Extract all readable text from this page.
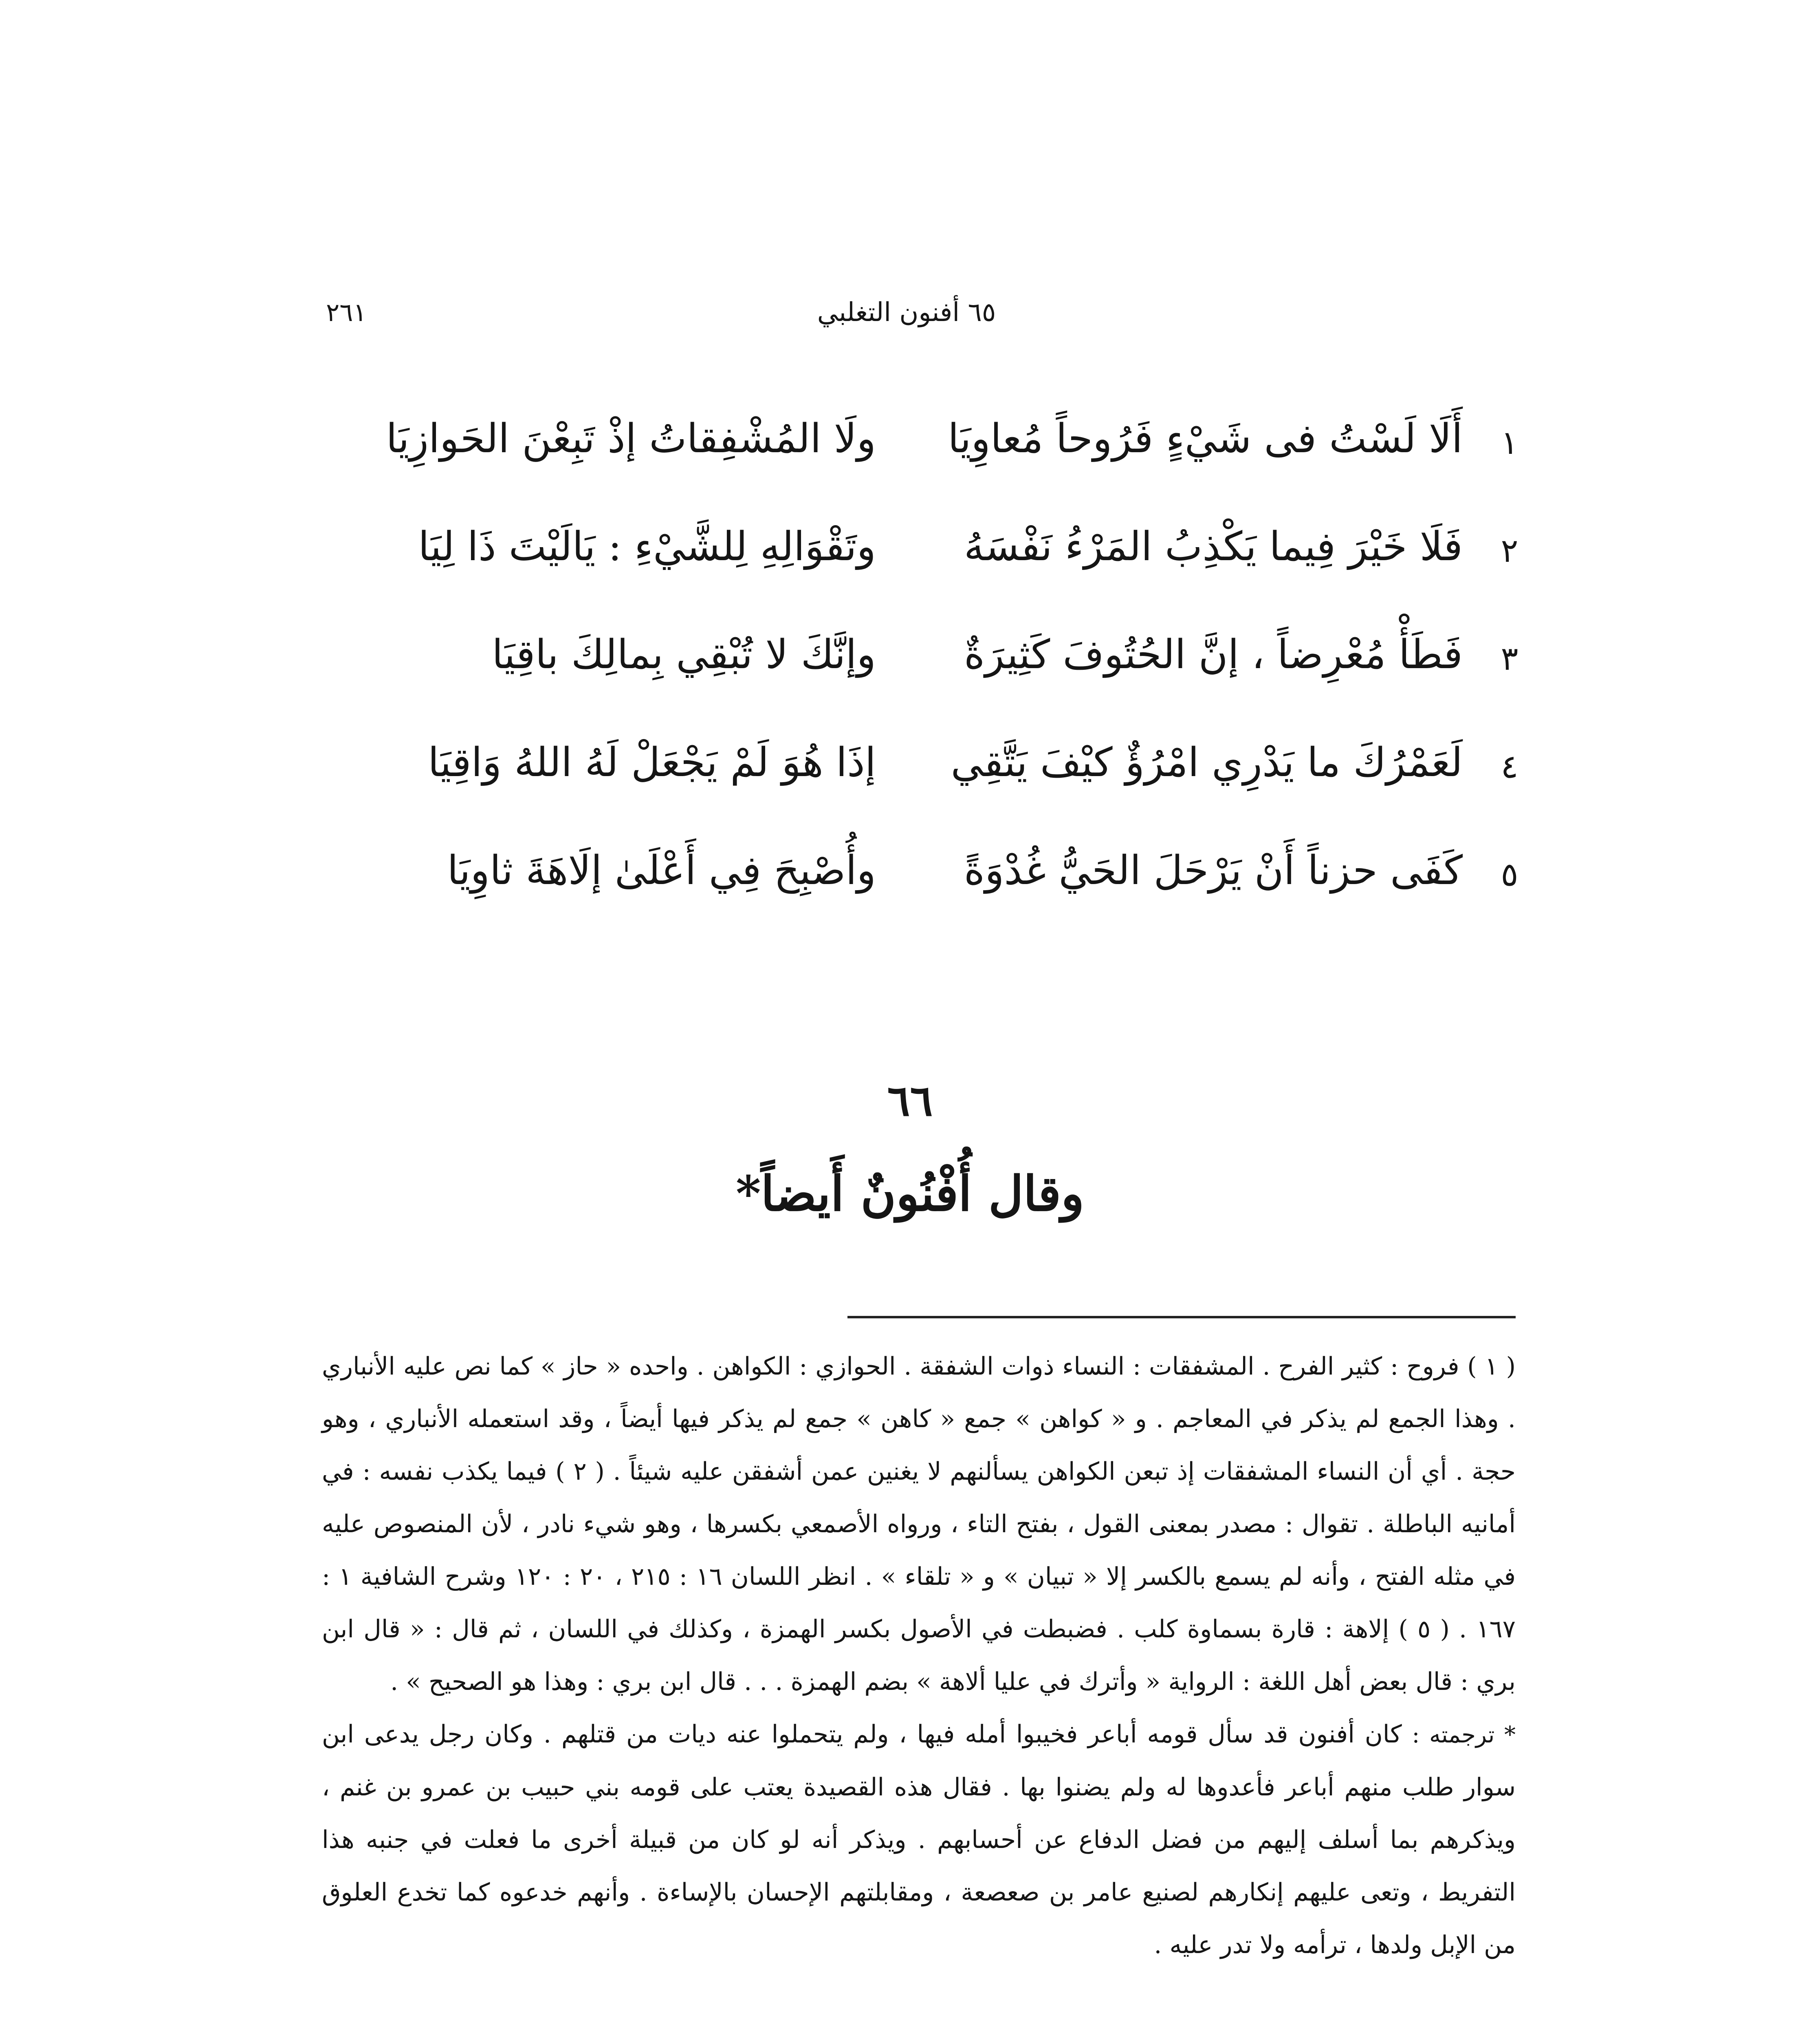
٢٦١	٦٥ أفنون التغلبي
١
أَلَا لَسْتُ فى شَيْءٍ فَرُوحاً مُعاوِيَا
ولَا المُشْفِقاتُ إذْ تَبِعْنَ الحَوازِيَا
٢
فَلَا خَيْرَ فِيما يَكْذِبُ المَرْءُ نَفْسَهُ
وتَقْوَالِهِ لِلشَّيْءِ : يَالَيْتَ ذَا لِيَا
٣
فَطَأْ مُعْرِضاً ، إنَّ الحُتُوفَ كَثِيرَةٌ
وإنَّكَ لا تُبْقِي بِمالِكَ باقِيَا
٤
لَعَمْرُكَ ما يَدْرِي امْرُؤٌ كيْفَ يَتَّقِي
إذَا هُوَ لَمْ يَجْعَلْ لَهُ اللهُ وَاقِيَا
٥
كَفَى حزناً أَنْ يَرْحَلَ الحَيُّ غُدْوَةً
وأُصْبِحَ فِي أَعْلَىٰ إلَاهَةَ ثاوِيَا
٦٦
وقال أُفْنُونٌ أَيضاً*

( ١ ) فروح : كثير الفرح . المشفقات : النساء ذوات الشفقة . الحوازي : الكواهن . واحده « حاز » كما نص عليه الأنباري . وهذا الجمع لم يذكر في المعاجم . و « كواهن » جمع « كاهن » جمع لم يذكر فيها أيضاً ، وقد استعمله الأنباري ، وهو حجة . أي أن النساء المشفقات إذ تبعن الكواهن يسألنهم لا يغنين عمن أشفقن عليه شيئاً . ( ٢ ) فيما يكذب نفسه : في أمانيه الباطلة . تقوال : مصدر بمعنى القول ، بفتح التاء ، ورواه الأصمعي بكسرها ، وهو شيء نادر ، لأن المنصوص عليه في مثله الفتح ، وأنه لم يسمع بالكسر إلا « تبيان » و « تلقاء » . انظر اللسان ١٦ : ٢١٥ ، ٢٠ : ١٢٠ وشرح الشافية ١ : ١٦٧ . ( ٥ ) إلاهة : قارة بسماوة كلب . فضبطت في الأصول بكسر الهمزة ، وكذلك في اللسان ، ثم قال : « قال ابن بري : قال بعض أهل اللغة : الرواية « وأترك في عليا ألاهة » بضم الهمزة . . . قال ابن بري : وهذا هو الصحيح » .

* ترجمته : كان أفنون قد سأل قومه أباعر فخيبوا أمله فيها ، ولم يتحملوا عنه ديات من قتلهم . وكان رجل يدعى ابن سوار طلب منهم أباعر فأعدوها له ولم يضنوا بها . فقال هذه القصيدة يعتب على قومه بني حبيب بن عمرو بن غنم ، ويذكرهم بما أسلف إليهم من فضل الدفاع عن أحسابهم . ويذكر أنه لو كان من قبيلة أخرى ما فعلت في جنبه هذا التفريط ، وتعى عليهم إنكارهم لصنيع عامر بن صعصعة ، ومقابلتهم الإحسان بالإساءة . وأنهم خدعوه كما تخدع العلوق من الإبل ولدها ، ترأمه ولا تدر عليه .
